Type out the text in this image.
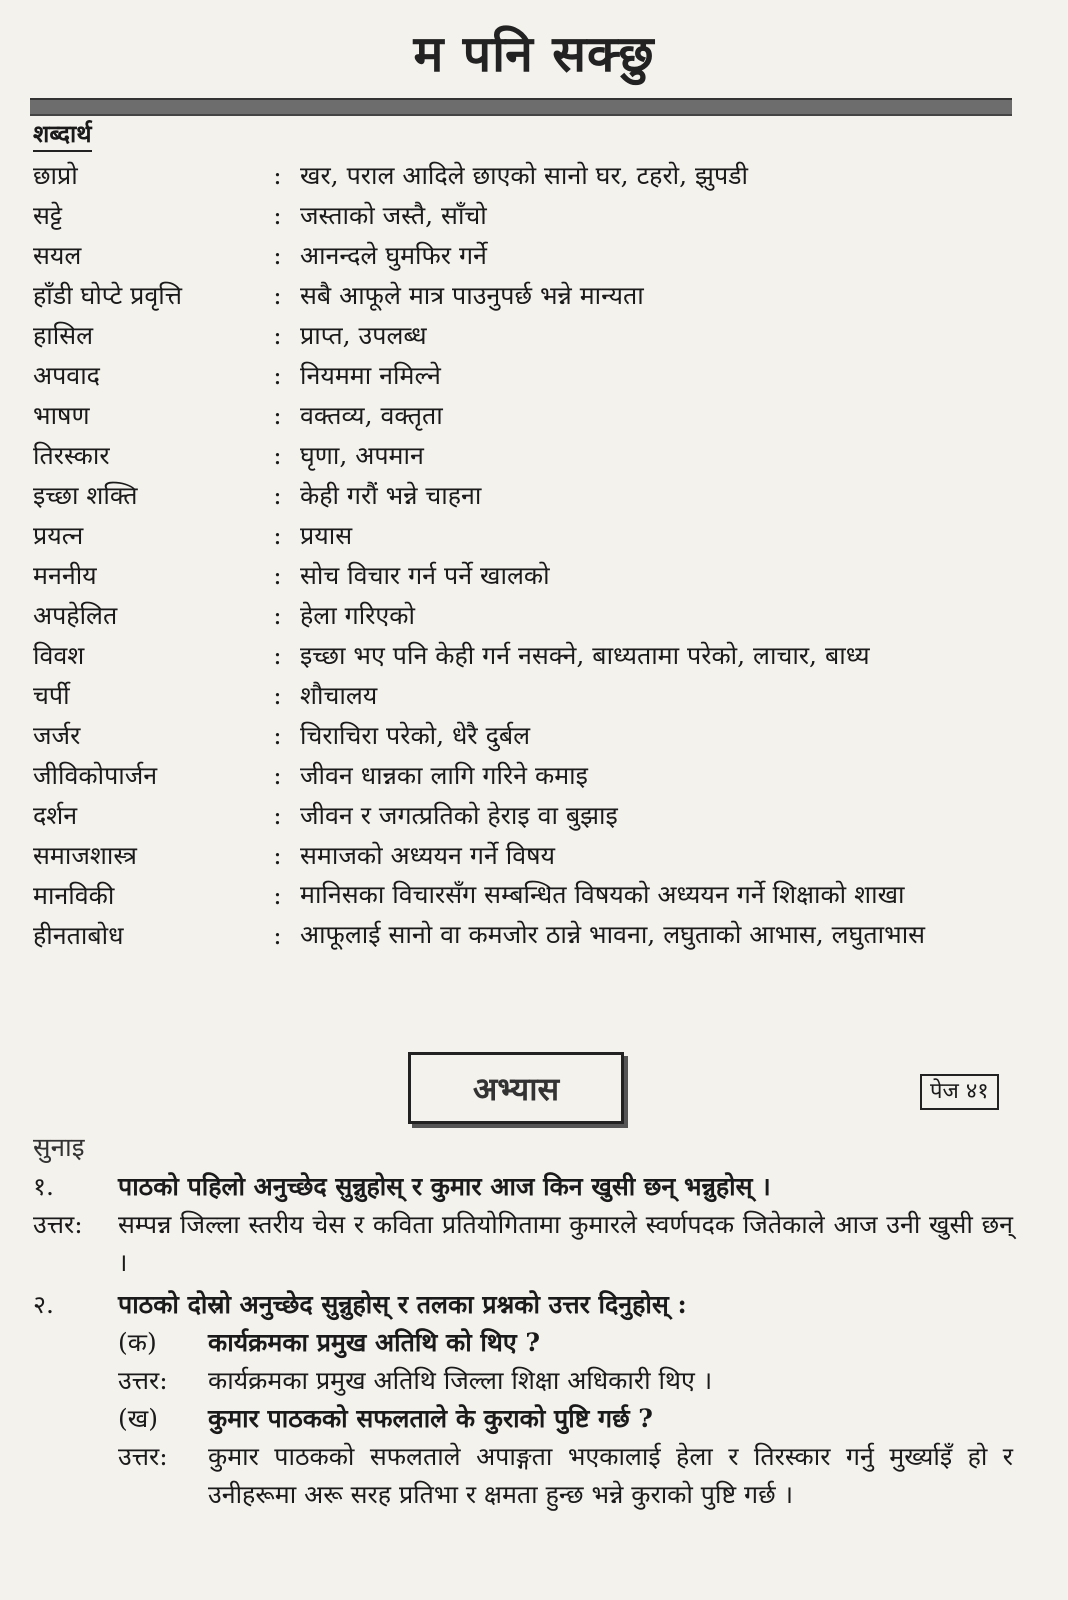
म पनि सक्छु
शब्दार्थ
छाप्रो	: खर, पराल आदिले छाएको सानो घर, टहरो, झुपडी
सट्टे	: जस्ताको जस्तै, साँचो
सयल	: आनन्दले घुमफिर गर्ने
हाँडी घोप्टे प्रवृत्ति	: सबै आफूले मात्र पाउनुपर्छ भन्ने मान्यता
हासिल	: प्राप्त, उपलब्ध
अपवाद	: नियममा नमिल्ने
भाषण	: वक्तव्य, वक्तृता
तिरस्कार	: घृणा, अपमान
इच्छा शक्ति	: केही गरौं भन्ने चाहना
प्रयत्न	: प्रयास
मननीय	: सोच विचार गर्न पर्ने खालको
अपहेलित	: हेला गरिएको
विवश	: इच्छा भए पनि केही गर्न नसक्ने, बाध्यतामा परेको, लाचार, बाध्य
चर्पी	: शौचालय
जर्जर	: चिराचिरा परेको, धेरै दुर्बल
जीविकोपार्जन	: जीवन धान्नका लागि गरिने कमाइ
दर्शन	: जीवन र जगत्प्रतिको हेराइ वा बुझाइ
समाजशास्त्र	: समाजको अध्ययन गर्ने विषय
मानविकी	: मानिसका विचारसँग सम्बन्धित विषयको अध्ययन गर्ने शिक्षाको शाखा
हीनताबोध	: आफूलाई सानो वा कमजोर ठान्ने भावना, लघुताको आभास, लघुताभास
अभ्यास	पेज ४१
सुनाइ
१.	पाठको पहिलो अनुच्छेद सुन्नुहोस् र कुमार आज किन खुसी छन् भन्नुहोस् ।
उत्तर:	सम्पन्न जिल्ला स्तरीय चेस र कविता प्रतियोगितामा कुमारले स्वर्णपदक जितेकाले आज उनी खुसी छन् ।
२.	पाठको दोस्रो अनुच्छेद सुन्नुहोस् र तलका प्रश्नको उत्तर दिनुहोस् :
(क)	कार्यक्रमका प्रमुख अतिथि को थिए ?
उत्तर:	कार्यक्रमका प्रमुख अतिथि जिल्ला शिक्षा अधिकारी थिए ।
(ख)	कुमार पाठकको सफलताले के कुराको पुष्टि गर्छ ?
उत्तर:	कुमार पाठकको सफलताले अपाङ्गता भएकालाई हेला र तिरस्कार गर्नु मुर्ख्याइँ हो र उनीहरूमा अरू सरह प्रतिभा र क्षमता हुन्छ भन्ने कुराको पुष्टि गर्छ ।
